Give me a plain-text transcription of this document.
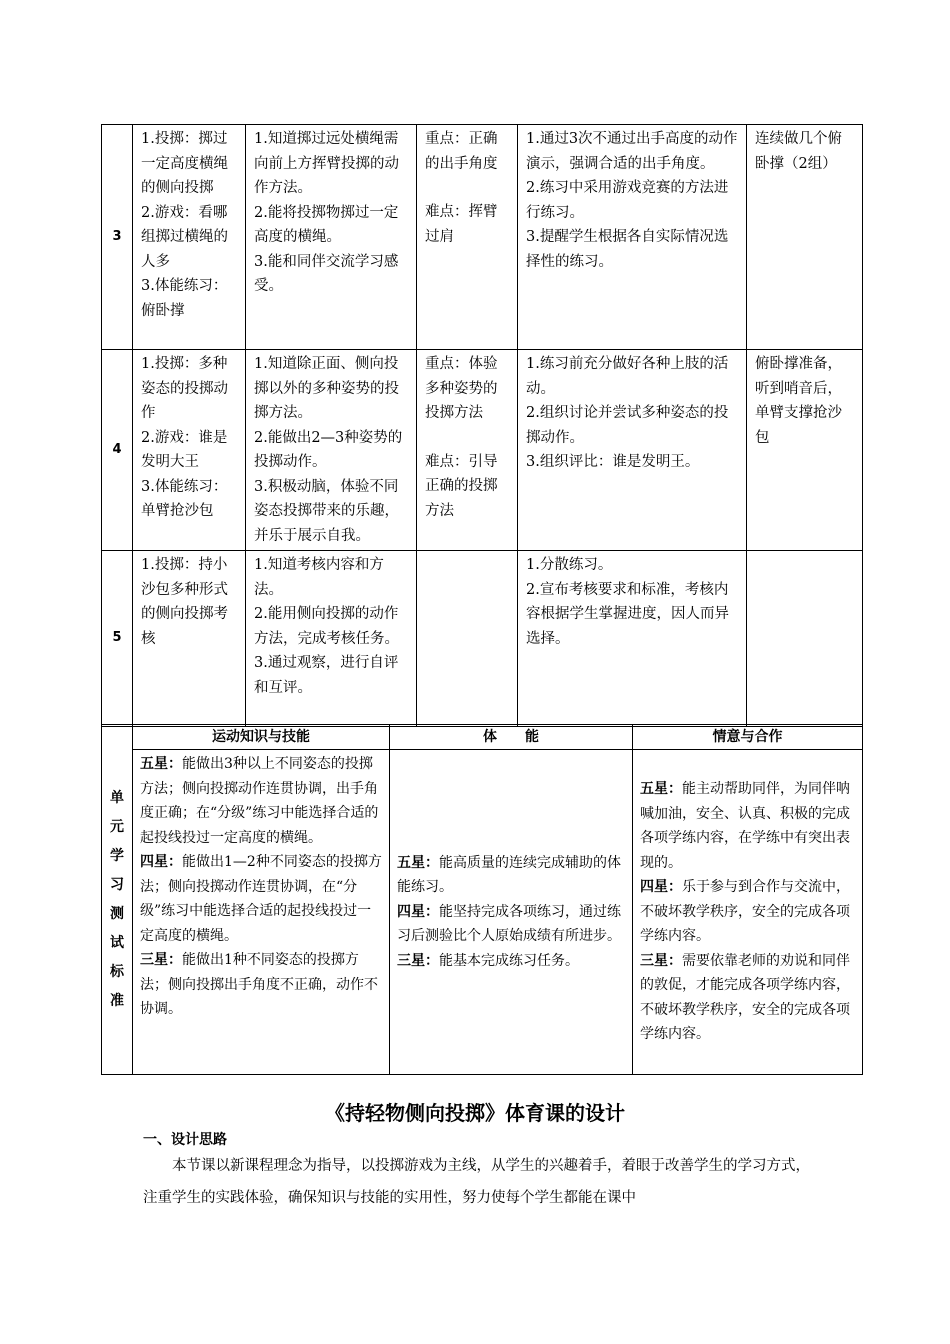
3	1.投掷：掷过一定高度横绳的侧向投掷
2.游戏：看哪组掷过横绳的人多
3.体能练习：俯卧撑	1.知道掷过远处横绳需向前上方挥臂投掷的动作方法。
2.能将投掷物掷过一定高度的横绳。
3.能和同伴交流学习感受。	重点：正确的出手角度
难点：挥臂过肩	1.通过3次不通过出手高度的动作演示，强调合适的出手角度。
2.练习中采用游戏竞赛的方法进行练习。
3.提醒学生根据各自实际情况选择性的练习。	连续做几个俯卧撑（2组）
4	1.投掷：多种姿态的投掷动作
2.游戏：谁是发明大王
3.体能练习：单臂抢沙包	1.知道除正面、侧向投掷以外的多种姿势的投掷方法。
2.能做出2—3种姿势的投掷动作。
3.积极动脑，体验不同姿态投掷带来的乐趣，并乐于展示自我。	重点：体验多种姿势的投掷方法
难点：引导正确的投掷方法	1.练习前充分做好各种上肢的活动。
2.组织讨论并尝试多种姿态的投掷动作。
3.组织评比：谁是发明王。	俯卧撑准备，听到哨音后，单臂支撑抢沙包
5	1.投掷：持小沙包多种形式的侧向投掷考核	1.知道考核内容和方法。
2.能用侧向投掷的动作方法，完成考核任务。
3.通过观察，进行自评和互评。		1.分散练习。
2.宣布考核要求和标准，考核内容根据学生掌握进度，因人而异选择。	

单元学习测试标准	运动知识与技能	体　　能	情意与合作
	五星：能做出3种以上不同姿态的投掷方法；侧向投掷动作连贯协调，出手角度正确；在“分级”练习中能选择合适的起投线投过一定高度的横绳。
四星：能做出1—2种不同姿态的投掷方法；侧向投掷动作连贯协调，在“分级”练习中能选择合适的起投线投过一定高度的横绳。
三星：能做出1种不同姿态的投掷方法；侧向投掷出手角度不正确，动作不协调。	五星：能高质量的连续完成辅助的体能练习。
四星：能坚持完成各项练习，通过练习后测验比个人原始成绩有所进步。
三星：能基本完成练习任务。	五星：能主动帮助同伴，为同伴呐喊加油，安全、认真、积极的完成各项学练内容，在学练中有突出表现的。
四星：乐于参与到合作与交流中，不破坏教学秩序，安全的完成各项学练内容。
三星：需要依靠老师的劝说和同伴的敦促，才能完成各项学练内容，不破坏教学秩序，安全的完成各项学练内容。
《持轻物侧向投掷》体育课的设计
一、设计思路
本节课以新课程理念为指导，以投掷游戏为主线，从学生的兴趣着手，着眼于改善学生的学习方式，注重学生的实践体验，确保知识与技能的实用性，努力使每个学生都能在课中
